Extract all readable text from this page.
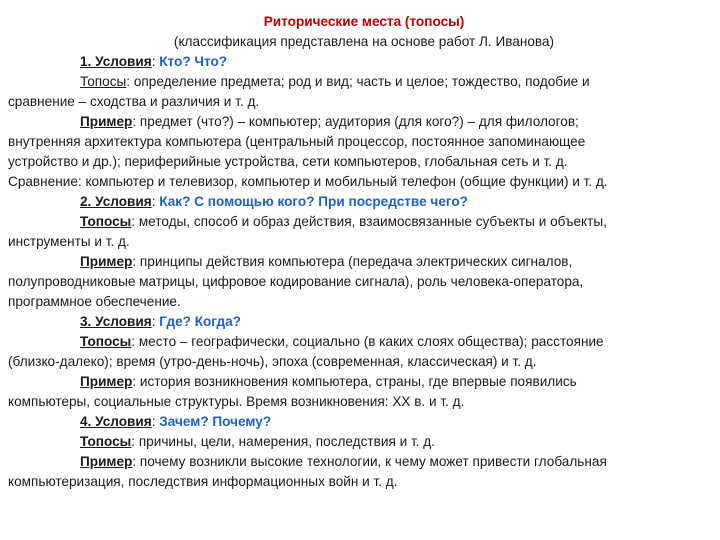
Риторические места (топосы)
(классификация представлена на основе работ Л. Иванова)
1. Условия: Кто? Что?
Топосы: определение предмета; род и вид; часть и целое; тождество, подобие и
сравнение – сходства и различия и т. д.
Пример: предмет (что?) – компьютер; аудитория (для кого?) – для филологов;
внутренняя архитектура компьютера (центральный процессор, постоянное запоминающее
устройство и др.); периферийные устройства, сети компьютеров, глобальная сеть и т. д.
Сравнение: компьютер и телевизор, компьютер и мобильный телефон (общие функции) и т. д.
2. Условия: Как? С помощью кого? При посредстве чего?
Топосы: методы, способ и образ действия, взаимосвязанные субъекты и объекты,
инструменты и т. д.
Пример: принципы действия компьютера (передача электрических сигналов,
полупроводниковые матрицы, цифровое кодирование сигнала), роль человека-оператора,
программное обеспечение.
3. Условия: Где? Когда?
Топосы: место – географически, социально (в каких слоях общества); расстояние
(близко-далеко); время (утро-день-ночь), эпоха (современная, классическая) и т. д.
Пример: история возникновения компьютера, страны, где впервые появились
компьютеры, социальные структуры. Время возникновения: XX в. и т. д.
4. Условия: Зачем? Почему?
Топосы: причины, цели, намерения, последствия и т. д.
Пример: почему возникли высокие технологии, к чему может привести глобальная
компьютеризация, последствия информационных войн и т. д.
